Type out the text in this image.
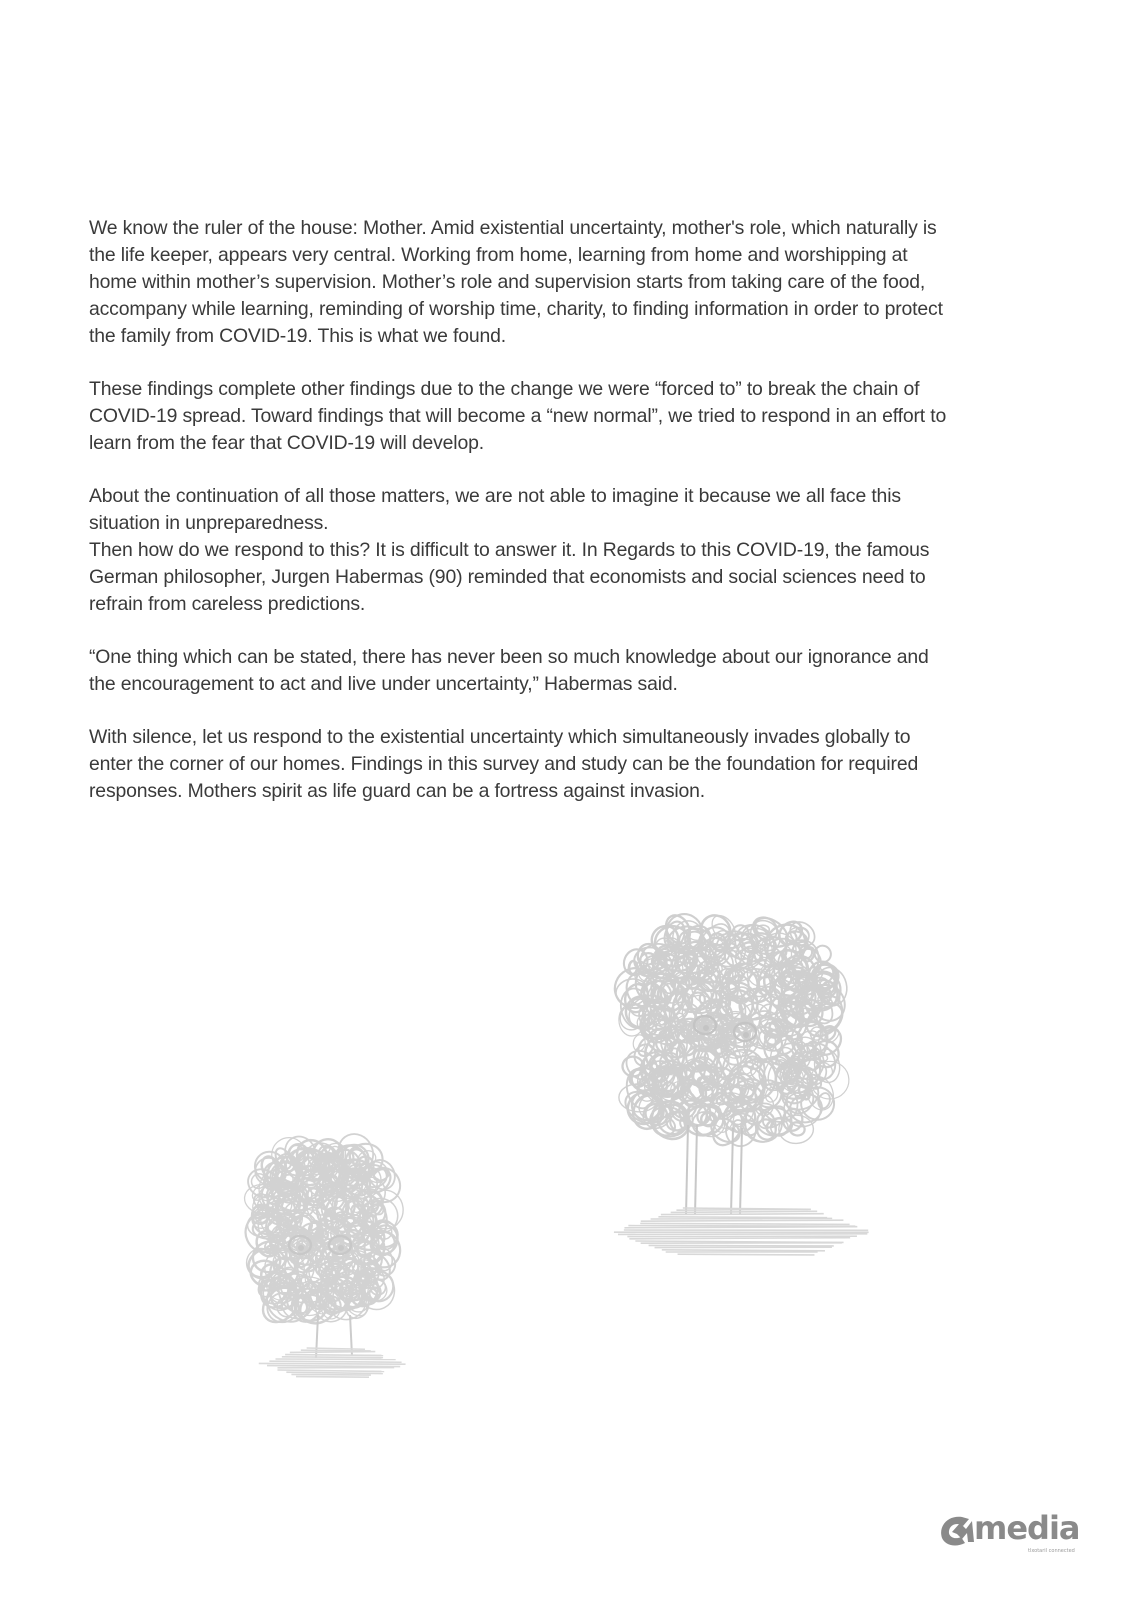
We know the ruler of the house: Mother. Amid existential uncertainty, mother's role, which naturally is
the life keeper, appears very central. Working from home, learning from home and worshipping at
home within mother’s supervision. Mother’s role and supervision starts from taking care of the food,
accompany while learning, reminding of worship time, charity, to finding information in order to protect
the family from COVID-19. This is what we found.

These findings complete other findings due to the change we were “forced to” to break the chain of
COVID-19 spread. Toward findings that will become a “new normal”, we tried to respond in an effort to
learn from the fear that COVID-19 will develop.

About the continuation of all those matters, we are not able to imagine it because we all face this
situation in unpreparedness.
Then how do we respond to this? It is difficult to answer it. In Regards to this COVID-19, the famous
German philosopher, Jurgen Habermas (90) reminded that economists and social sciences need to
refrain from careless predictions.

“One thing which can be stated, there has never been so much knowledge about our ignorance and
the encouragement to act and live under uncertainty,” Habermas said.

With silence, let us respond to the existential uncertainty which simultaneously invades globally to
enter the corner of our homes. Findings in this survey and study can be the foundation for required
responses. Mothers spirit as life guard can be a fortress against invasion.

media
tlxotaril connected
